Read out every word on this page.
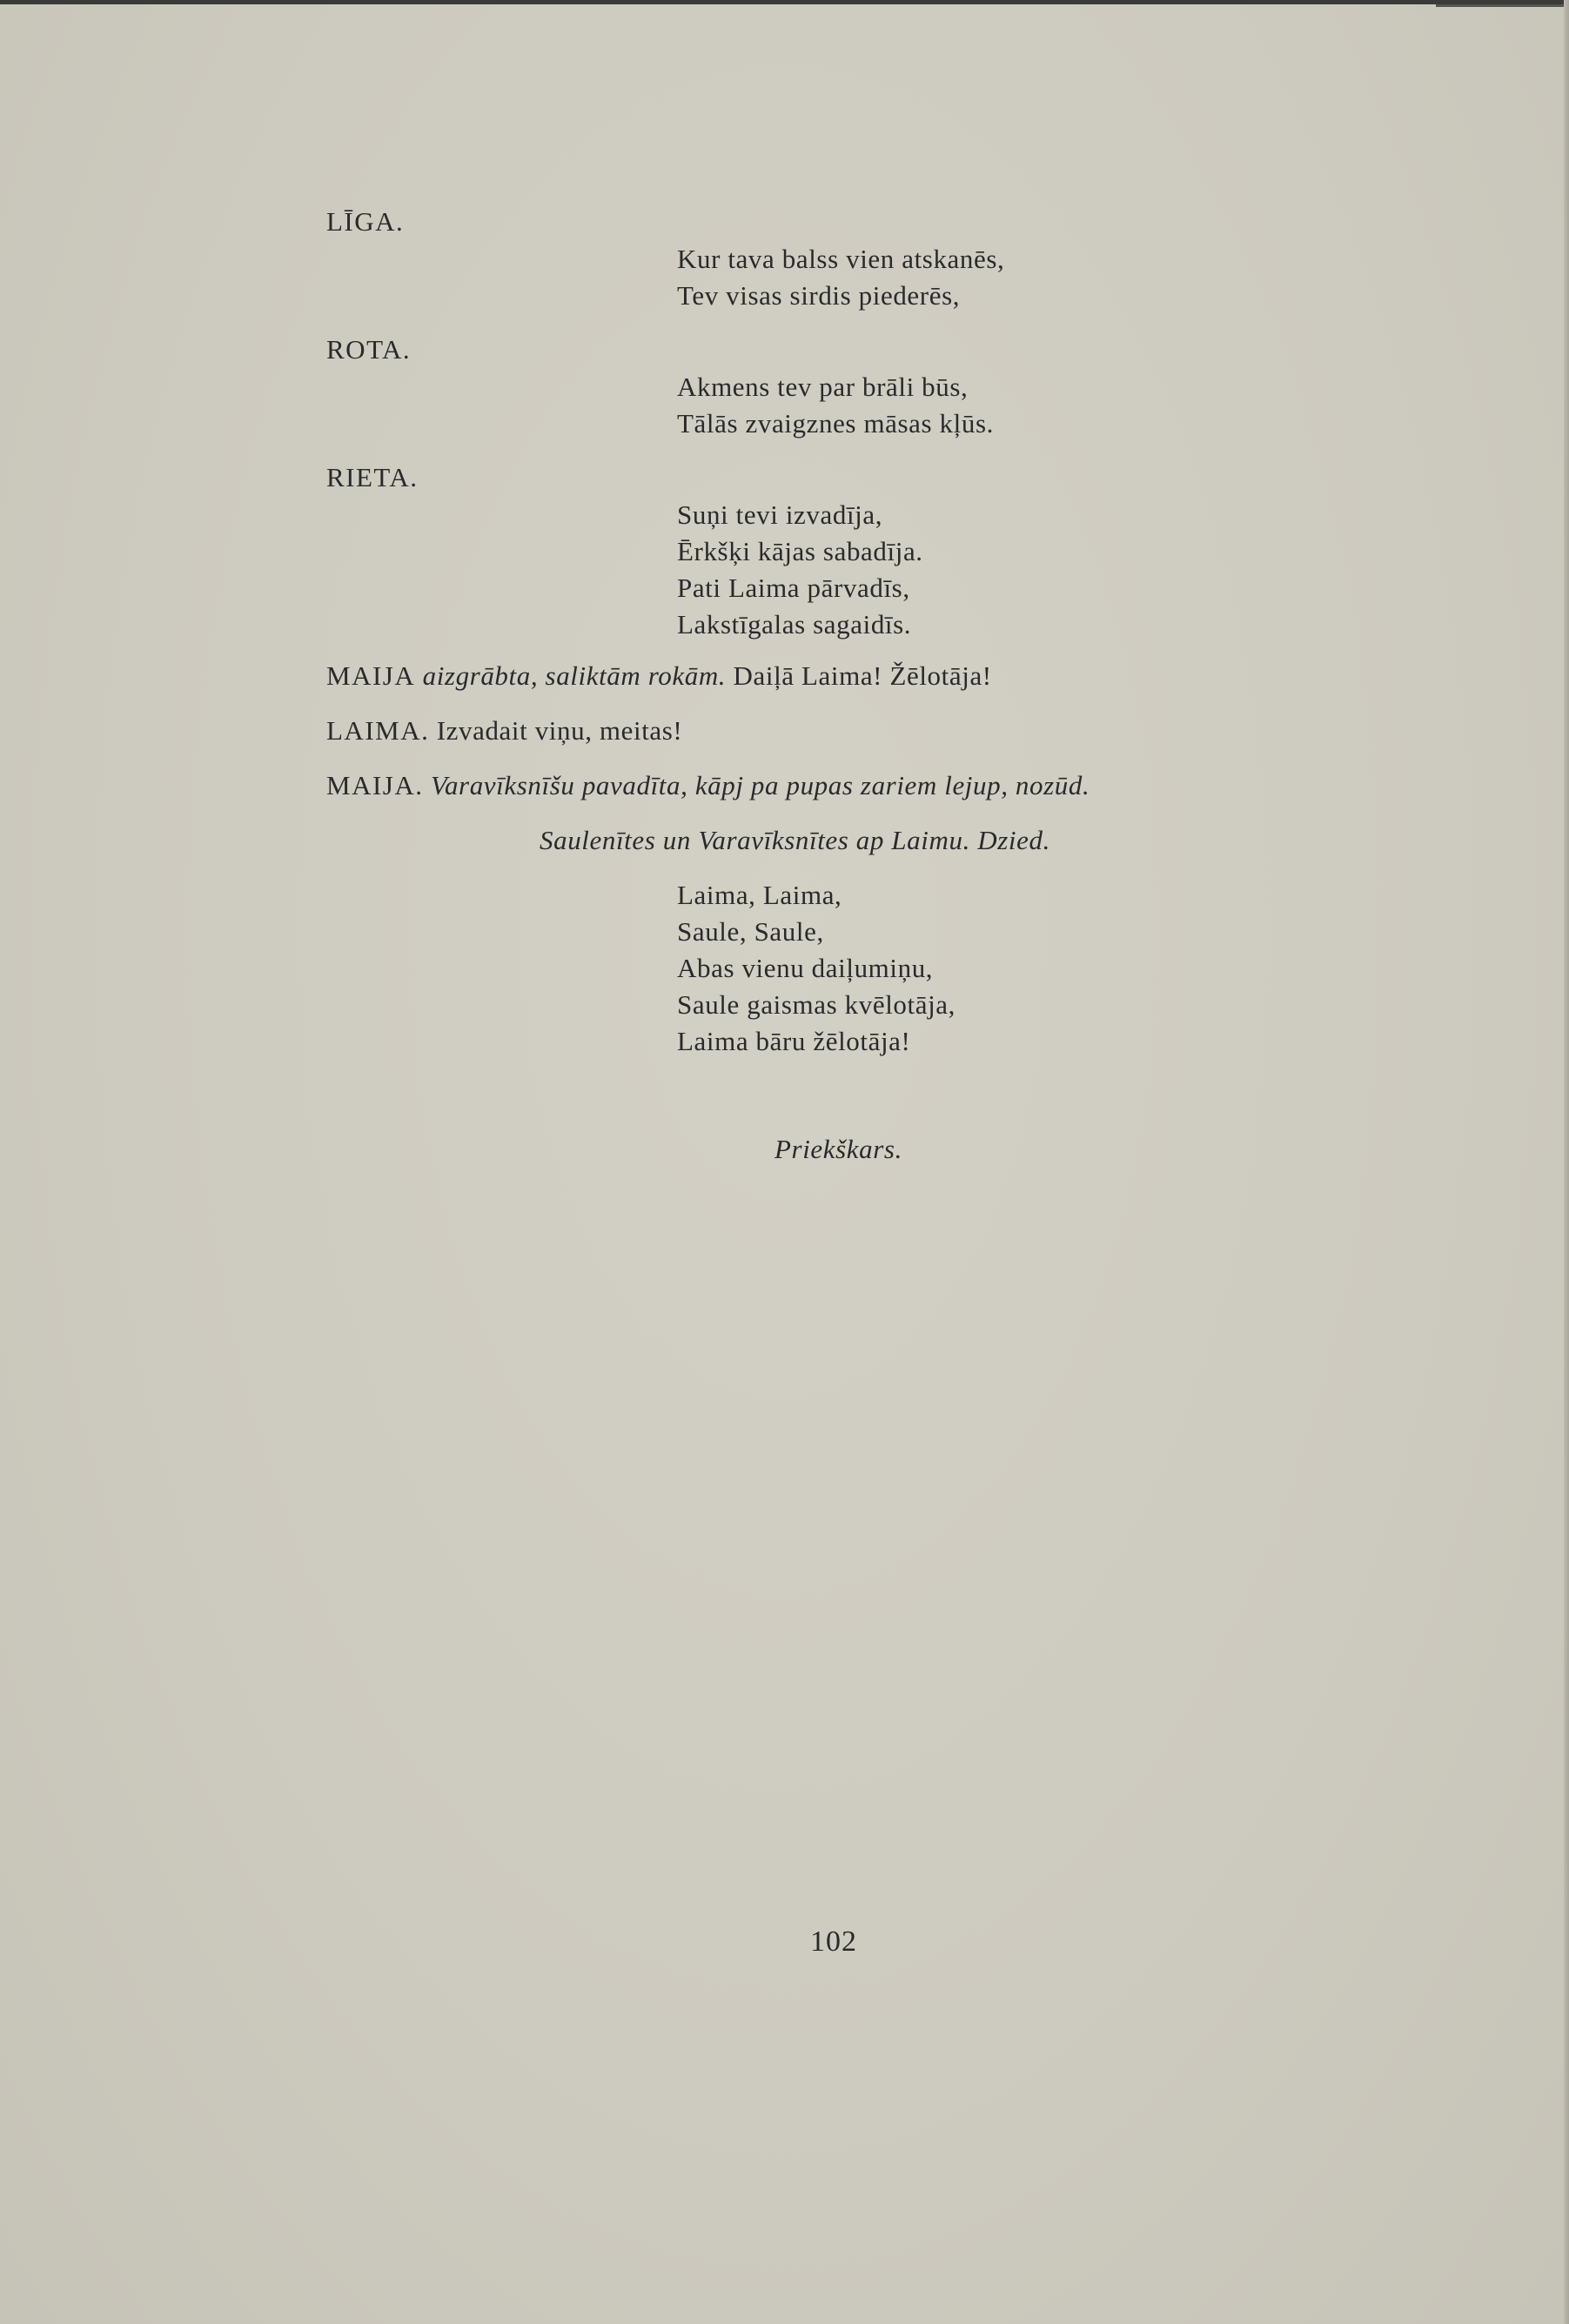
LĪGA.
Kur tava balss vien atskanēs,
Tev visas sirdis piederēs,
ROTA.
Akmens tev par brāli būs,
Tālās zvaigznes māsas kļūs.
RIETA.
Suņi tevi izvadīja,
Ērkšķi kājas sabadīja.
Pati Laima pārvadīs,
Lakstīgalas sagaidīs.
MAIJA aizgrābta, saliktām rokām. Daiļā Laima! Žēlotāja!
LAIMA. Izvadait viņu, meitas!
MAIJA. Varavīksnīšu pavadīta, kāpj pa pupas zariem lejup, nozūd.
Saulenītes un Varavīksnītes ap Laimu. Dzied.
Laima, Laima,
Saule, Saule,
Abas vienu daiļumiņu,
Saule gaismas kvēlotāja,
Laima bāru žēlotāja!
Priekškars.
102
